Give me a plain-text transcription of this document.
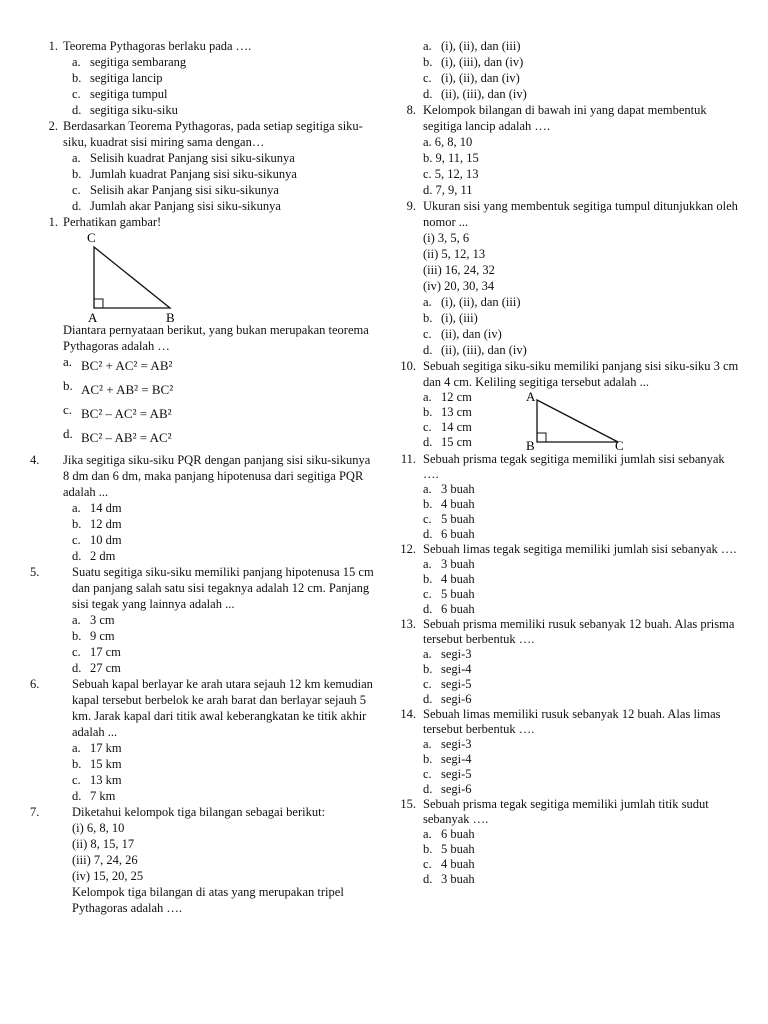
1. Teorema Pythagoras berlaku pada ….
a. segitiga sembarang
b. segitiga lancip
c. segitiga tumpul
d. segitiga siku-siku
2. Berdasarkan Teorema Pythagoras, pada setiap segitiga siku-siku, kuadrat sisi miring sama dengan…
a. Selisih kuadrat Panjang sisi siku-sikunya
b. Jumlah kuadrat Panjang sisi siku-sikunya
c. Selisih akar Panjang sisi siku-sikunya
d. Jumlah akar Panjang sisi siku-sikunya
1. Perhatikan gambar!
C
A	B
Diantara pernyataan berikut, yang bukan merupakan teorema Pythagoras adalah …
a. BC² + AC² = AB²
b. AC² + AB² = BC²
c. BC² – AC² = AB²
d. BC² – AB² = AC²
4. Jika segitiga siku-siku PQR dengan panjang sisi siku-sikunya 8 dm dan 6 dm, maka panjang hipotenusa dari segitiga PQR adalah ...
a. 14 dm
b. 12 dm
c. 10 dm
d. 2 dm
5.	Suatu segitiga siku-siku memiliki panjang hipotenusa 15 cm dan panjang salah satu sisi tegaknya adalah 12 cm. Panjang sisi tegak yang lainnya adalah ...
a. 3 cm
b. 9 cm
c. 17 cm
d. 27 cm
6.	Sebuah kapal berlayar ke arah utara sejauh 12 km kemudian kapal tersebut berbelok ke arah barat dan berlayar sejauh 5 km. Jarak kapal dari titik awal keberangkatan ke titik akhir adalah ...
a. 17 km
b. 15 km
c. 13 km
d. 7 km
7.	Diketahui kelompok tiga bilangan sebagai berikut:
(i) 6, 8, 10
(ii) 8, 15, 17
(iii) 7, 24, 26
(iv) 15, 20, 25
Kelompok tiga bilangan di atas yang merupakan tripel Pythagoras adalah ….
a. (i), (ii), dan (iii)
b. (i), (iii), dan (iv)
c. (i), (ii), dan (iv)
d. (ii), (iii), dan (iv)
8. Kelompok bilangan di bawah ini yang dapat membentuk segitiga lancip adalah ….
a. 6, 8, 10
b. 9, 11, 15
c. 5, 12, 13
d. 7, 9, 11
9. Ukuran sisi yang membentuk segitiga tumpul ditunjukkan oleh nomor ...
(i) 3, 5, 6
(ii) 5, 12, 13
(iii) 16, 24, 32
(iv) 20, 30, 34
a. (i), (ii), dan (iii)
b. (i), (iii)
c. (ii), dan (iv)
d. (ii), (iii), dan (iv)
10. Sebuah segitiga siku-siku memiliki panjang sisi siku-siku 3 cm dan 4 cm. Keliling segitiga tersebut adalah ...
a. 12 cm
b. 13 cm
c. 14 cm
d. 15 cm
A
B	C
11. Sebuah prisma tegak segitiga memiliki jumlah sisi sebanyak ….
a. 3 buah
b. 4 buah
c. 5 buah
d. 6 buah
12. Sebuah limas tegak segitiga memiliki jumlah sisi sebanyak ….
a. 3 buah
b. 4 buah
c. 5 buah
d. 6 buah
13. Sebuah prisma memiliki rusuk sebanyak 12 buah. Alas prisma tersebut berbentuk ….
a. segi-3
b. segi-4
c. segi-5
d. segi-6
14. Sebuah limas memiliki rusuk sebanyak 12 buah. Alas limas tersebut berbentuk ….
a. segi-3
b. segi-4
c. segi-5
d. segi-6
15. Sebuah prisma tegak segitiga memiliki jumlah titik sudut sebanyak ….
a. 6 buah
b. 5 buah
c. 4 buah
d. 3 buah
